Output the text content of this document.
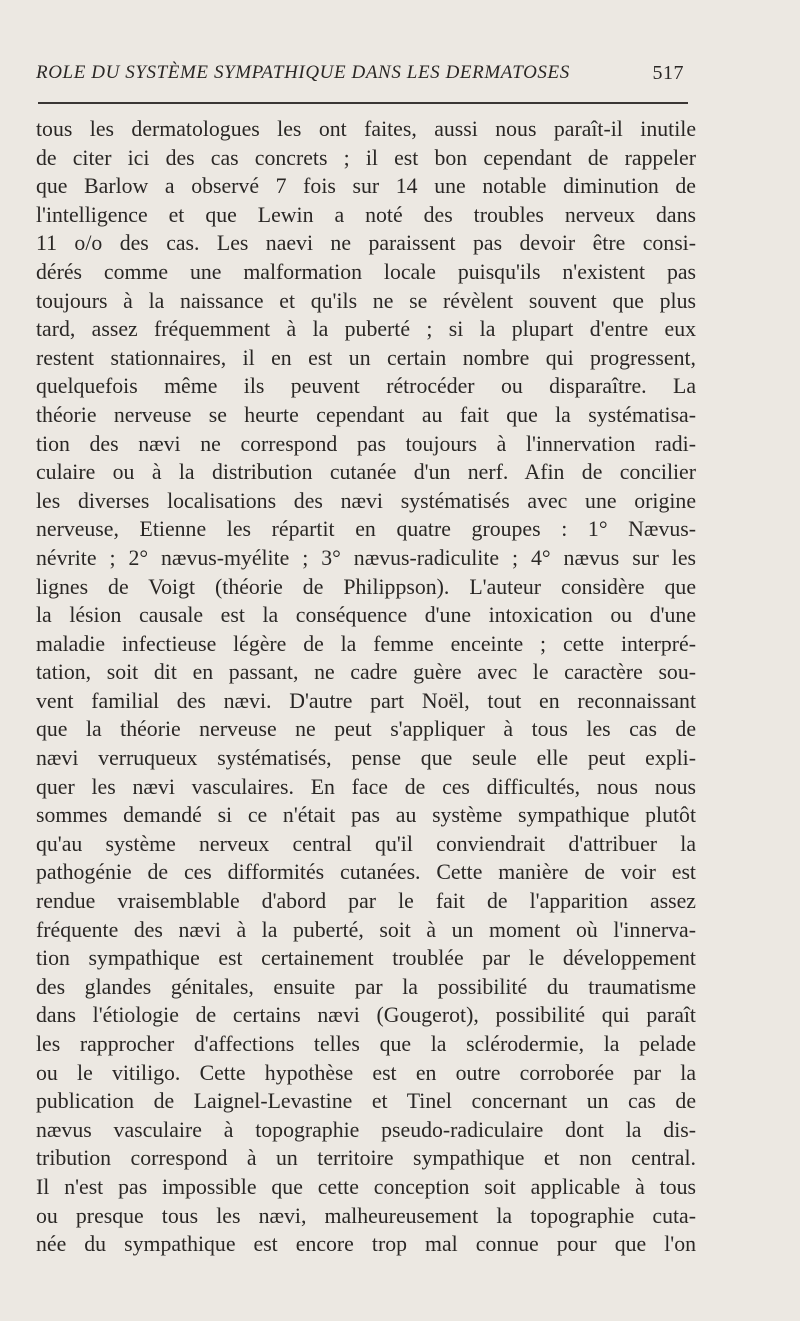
ROLE DU SYSTÈME SYMPATHIQUE DANS LES DERMATOSES	517
tous les dermatologues les ont faites, aussi nous paraît-il inutile
de citer ici des cas concrets ; il est bon cependant de rappeler
que Barlow a observé 7 fois sur 14 une notable diminution de
l'intelligence et que Lewin a noté des troubles nerveux dans
11 o/o des cas. Les naevi ne paraissent pas devoir être consi-
dérés comme une malformation locale puisqu'ils n'existent pas
toujours à la naissance et qu'ils ne se révèlent souvent que plus
tard, assez fréquemment à la puberté ; si la plupart d'entre eux
restent stationnaires, il en est un certain nombre qui progressent,
quelquefois même ils peuvent rétrocéder ou disparaître. La
théorie nerveuse se heurte cependant au fait que la systématisa-
tion des nævi ne correspond pas toujours à l'innervation radi-
culaire ou à la distribution cutanée d'un nerf. Afin de concilier
les diverses localisations des nævi systématisés avec une origine
nerveuse, Etienne les répartit en quatre groupes : 1° Nævus-
névrite ; 2° nævus-myélite ; 3° nævus-radiculite ; 4° nævus sur les
lignes de Voigt (théorie de Philippson). L'auteur considère que
la lésion causale est la conséquence d'une intoxication ou d'une
maladie infectieuse légère de la femme enceinte ; cette interpré-
tation, soit dit en passant, ne cadre guère avec le caractère sou-
vent familial des nævi. D'autre part Noël, tout en reconnaissant
que la théorie nerveuse ne peut s'appliquer à tous les cas de
nævi verruqueux systématisés, pense que seule elle peut expli-
quer les nævi vasculaires. En face de ces difficultés, nous nous
sommes demandé si ce n'était pas au système sympathique plutôt
qu'au système nerveux central qu'il conviendrait d'attribuer la
pathogénie de ces difformités cutanées. Cette manière de voir est
rendue vraisemblable d'abord par le fait de l'apparition assez
fréquente des nævi à la puberté, soit à un moment où l'innerva-
tion sympathique est certainement troublée par le développement
des glandes génitales, ensuite par la possibilité du traumatisme
dans l'étiologie de certains nævi (Gougerot), possibilité qui paraît
les rapprocher d'affections telles que la sclérodermie, la pelade
ou le vitiligo. Cette hypothèse est en outre corroborée par la
publication de Laignel-Levastine et Tinel concernant un cas de
nævus vasculaire à topographie pseudo-radiculaire dont la dis-
tribution correspond à un territoire sympathique et non central.
Il n'est pas impossible que cette conception soit applicable à tous
ou presque tous les nævi, malheureusement la topographie cuta-
née du sympathique est encore trop mal connue pour que l'on
